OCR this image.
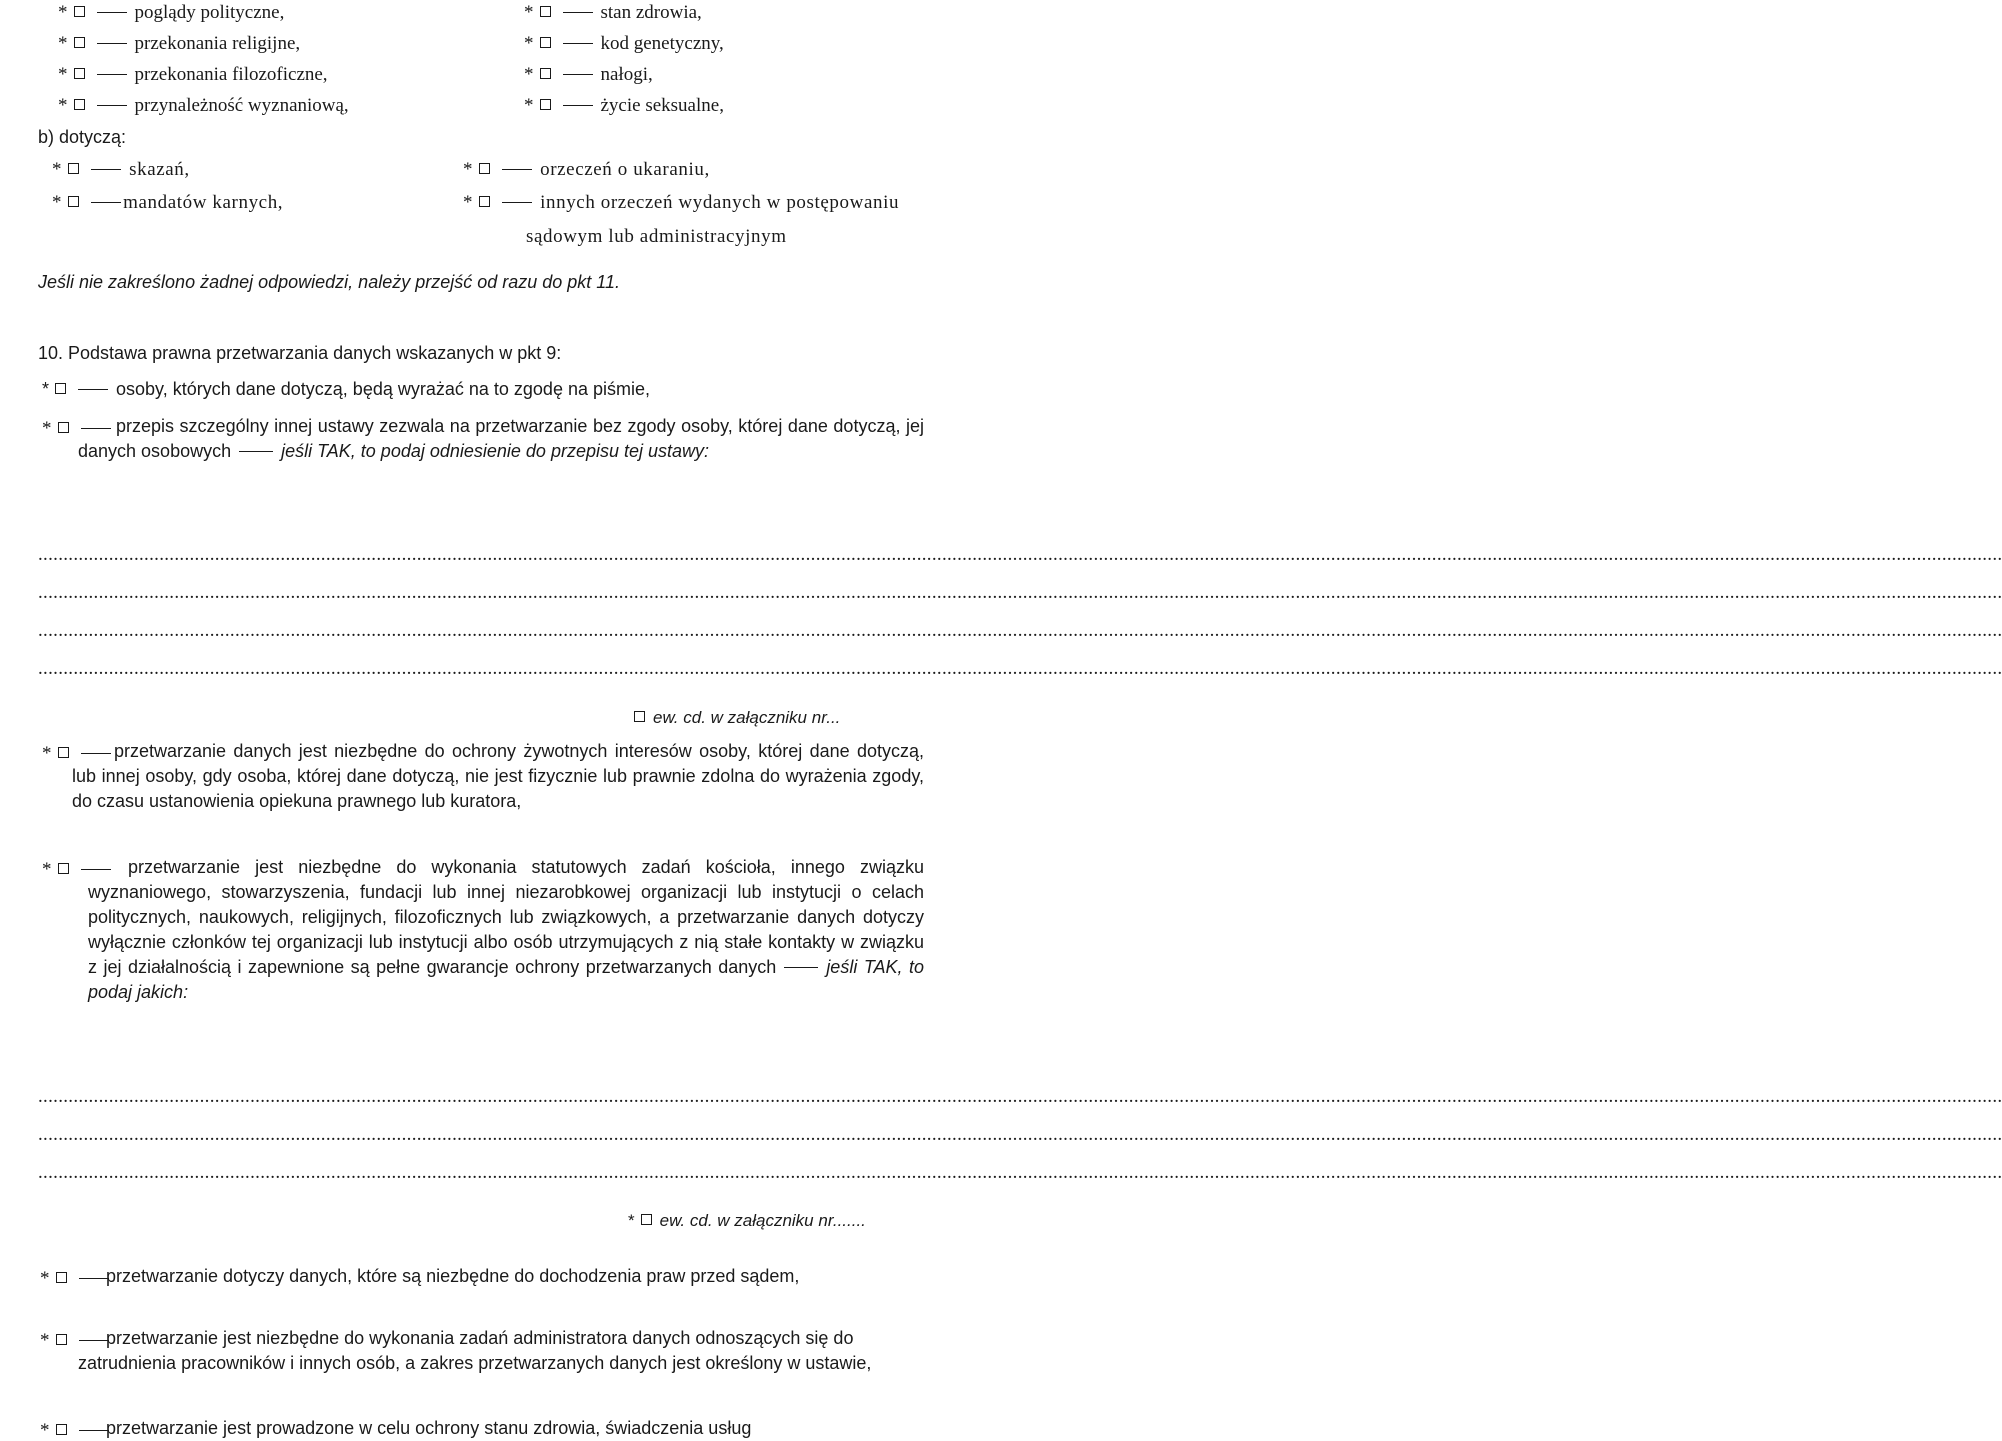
*	poglądy polityczne,
*	przekonania religijne,
*	przekonania filozoficzne,
*	przynależność wyznaniową,
*	stan zdrowia,
*	kod genetyczny,
*	nałogi,
*	życie seksualne,
b) dotyczą:
*	skazań,
*	mandatów karnych,
*	orzeczeń o ukaraniu,
*	innych orzeczeń wydanych w postępowaniu
sądowym lub administracyjnym
Jeśli nie zakreślono żadnej odpowiedzi, należy przejść od razu do pkt 11.
10. Podstawa prawna przetwarzania danych wskazanych w pkt 9:
*	osoby, których dane dotyczą, będą wyrażać na to zgodę na piśmie,
*	przepis szczególny innej ustawy zezwala na przetwarzanie bez zgody osoby, której dane dotyczą, jej danych osobowych	jeśli TAK, to podaj odniesienie do przepisu tej ustawy:

.....................................................................................................................................................................................................................................................................................................................................................................................................
.....................................................................................................................................................................................................................................................................................................................................................................................................
.....................................................................................................................................................................................................................................................................................................................................................................................................
.....................................................................................................................................................................................................................................................................................................................................................................................................
ew. cd. w załączniku nr...
*	przetwarzanie danych jest niezbędne do ochrony żywotnych interesów osoby, której dane dotyczą, lub innej osoby, gdy osoba, której dane dotyczą, nie jest fizycznie lub prawnie zdolna do wyrażenia zgody, do czasu ustanowienia opiekuna prawnego lub kuratora,

*	przetwarzanie jest niezbędne do wykonania statutowych zadań kościoła, innego związku wyznaniowego, stowarzyszenia, fundacji lub innej niezarobkowej organizacji lub instytucji o celach politycznych, naukowych, religijnych, filozoficznych lub związkowych, a przetwarzanie danych dotyczy wyłącznie członków tej organizacji lub instytucji albo osób utrzymujących z nią stałe kontakty w związku z jej działalnością i zapewnione są pełne gwarancje ochrony przetwarzanych danych	jeśli TAK, to podaj jakich:

.....................................................................................................................................................................................................................................................................................................................................................................................................
.....................................................................................................................................................................................................................................................................................................................................................................................................
.....................................................................................................................................................................................................................................................................................................................................................................................................
* ew. cd. w załączniku nr.......
*	przetwarzanie dotyczy danych, które są niezbędne do dochodzenia praw przed sądem,

*	przetwarzanie jest niezbędne do wykonania zadań administratora danych odnoszących się do zatrudnienia pracowników i innych osób, a zakres przetwarzanych danych jest określony w ustawie,

*	przetwarzanie jest prowadzone w celu ochrony stanu zdrowia, świadczenia usług
